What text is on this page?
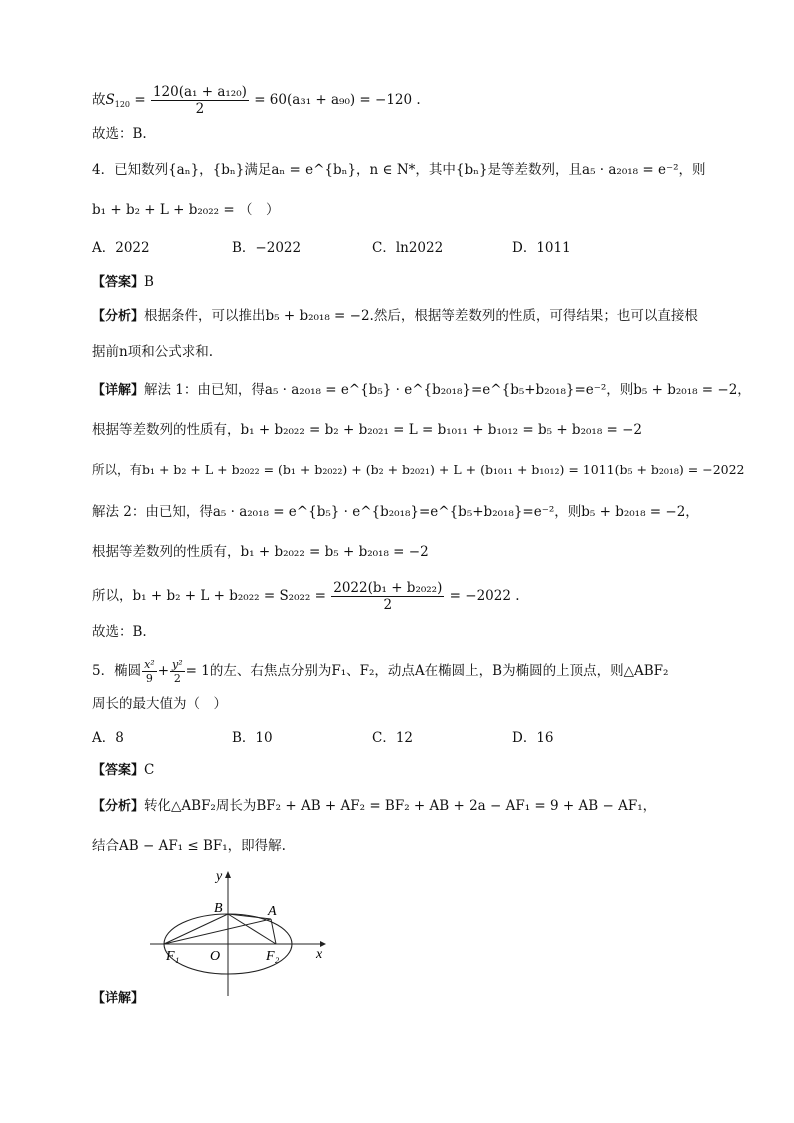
故$S_{120} = \frac{\text{120(a₁ + a₁₂₀)}}{2} = 60(a_{31} + a_{90}) = -120$ .
故选：B.
4．已知数列{aₙ}，{bₙ}满足aₙ = e^{bₙ}，n ∈ N*，其中{bₙ}是等差数列，且a₅ · a₂₀₁₈ = e⁻²，则
b₁ + b₂ + L + b₂₀₂₂ = （　）
A．2022	B．−2022	C．ln2022	D．1011
【答案】B
【分析】根据条件，可以推出b₅ + b₂₀₁₈ = −2.然后，根据等差数列的性质，可得结果；也可以直接根
据前n项和公式求和.
【详解】解法 1：由已知，得a₅ · a₂₀₁₈ = e^{b₅} · e^{b₂₀₁₈}=e^{b₅+b₂₀₁₈}=e⁻²，则b₅ + b₂₀₁₈ = −2，
根据等差数列的性质有，b₁ + b₂₀₂₂ = b₂ + b₂₀₂₁ = L = b₁₀₁₁ + b₁₀₁₂ = b₅ + b₂₀₁₈ = −2
所以，有b₁ + b₂ + L + b₂₀₂₂ = (b₁ + b₂₀₂₂) + (b₂ + b₂₀₂₁) + L + (b₁₀₁₁ + b₁₀₁₂) = 1011(b₅ + b₂₀₁₈) = −2022
解法 2：由已知，得a₅ · a₂₀₁₈ = e^{b₅} · e^{b₂₀₁₈}=e^{b₅+b₂₀₁₈}=e⁻²，则b₅ + b₂₀₁₈ = −2，
根据等差数列的性质有，b₁ + b₂₀₂₂ = b₅ + b₂₀₁₈ = −2
所以，$b_1 + b_2 + L + b_{2022} = S_{2022} = \frac{\text{2022(b₁ + b₂₀₂₂)}}{2} = -2022$ .
故选：B.
5．椭圆 $\frac{\text{x²}}{9} + \frac{\text{y²}}{2} = 1$的左、右焦点分别为F₁、F₂，动点A在椭圆上，B为椭圆的上顶点，则△ABF₂
周长的最大值为（　）
A．8	B．10	C．12	D．16
【答案】C
【分析】转化△ABF₂周长为BF₂ + AB + AF₂ = BF₂ + AB + 2a − AF₁ = 9 + AB − AF₁，
结合AB − AF₁ ≤ BF₁，即得解.
y
x
B	A
O
F₁	F₂
【详解】
